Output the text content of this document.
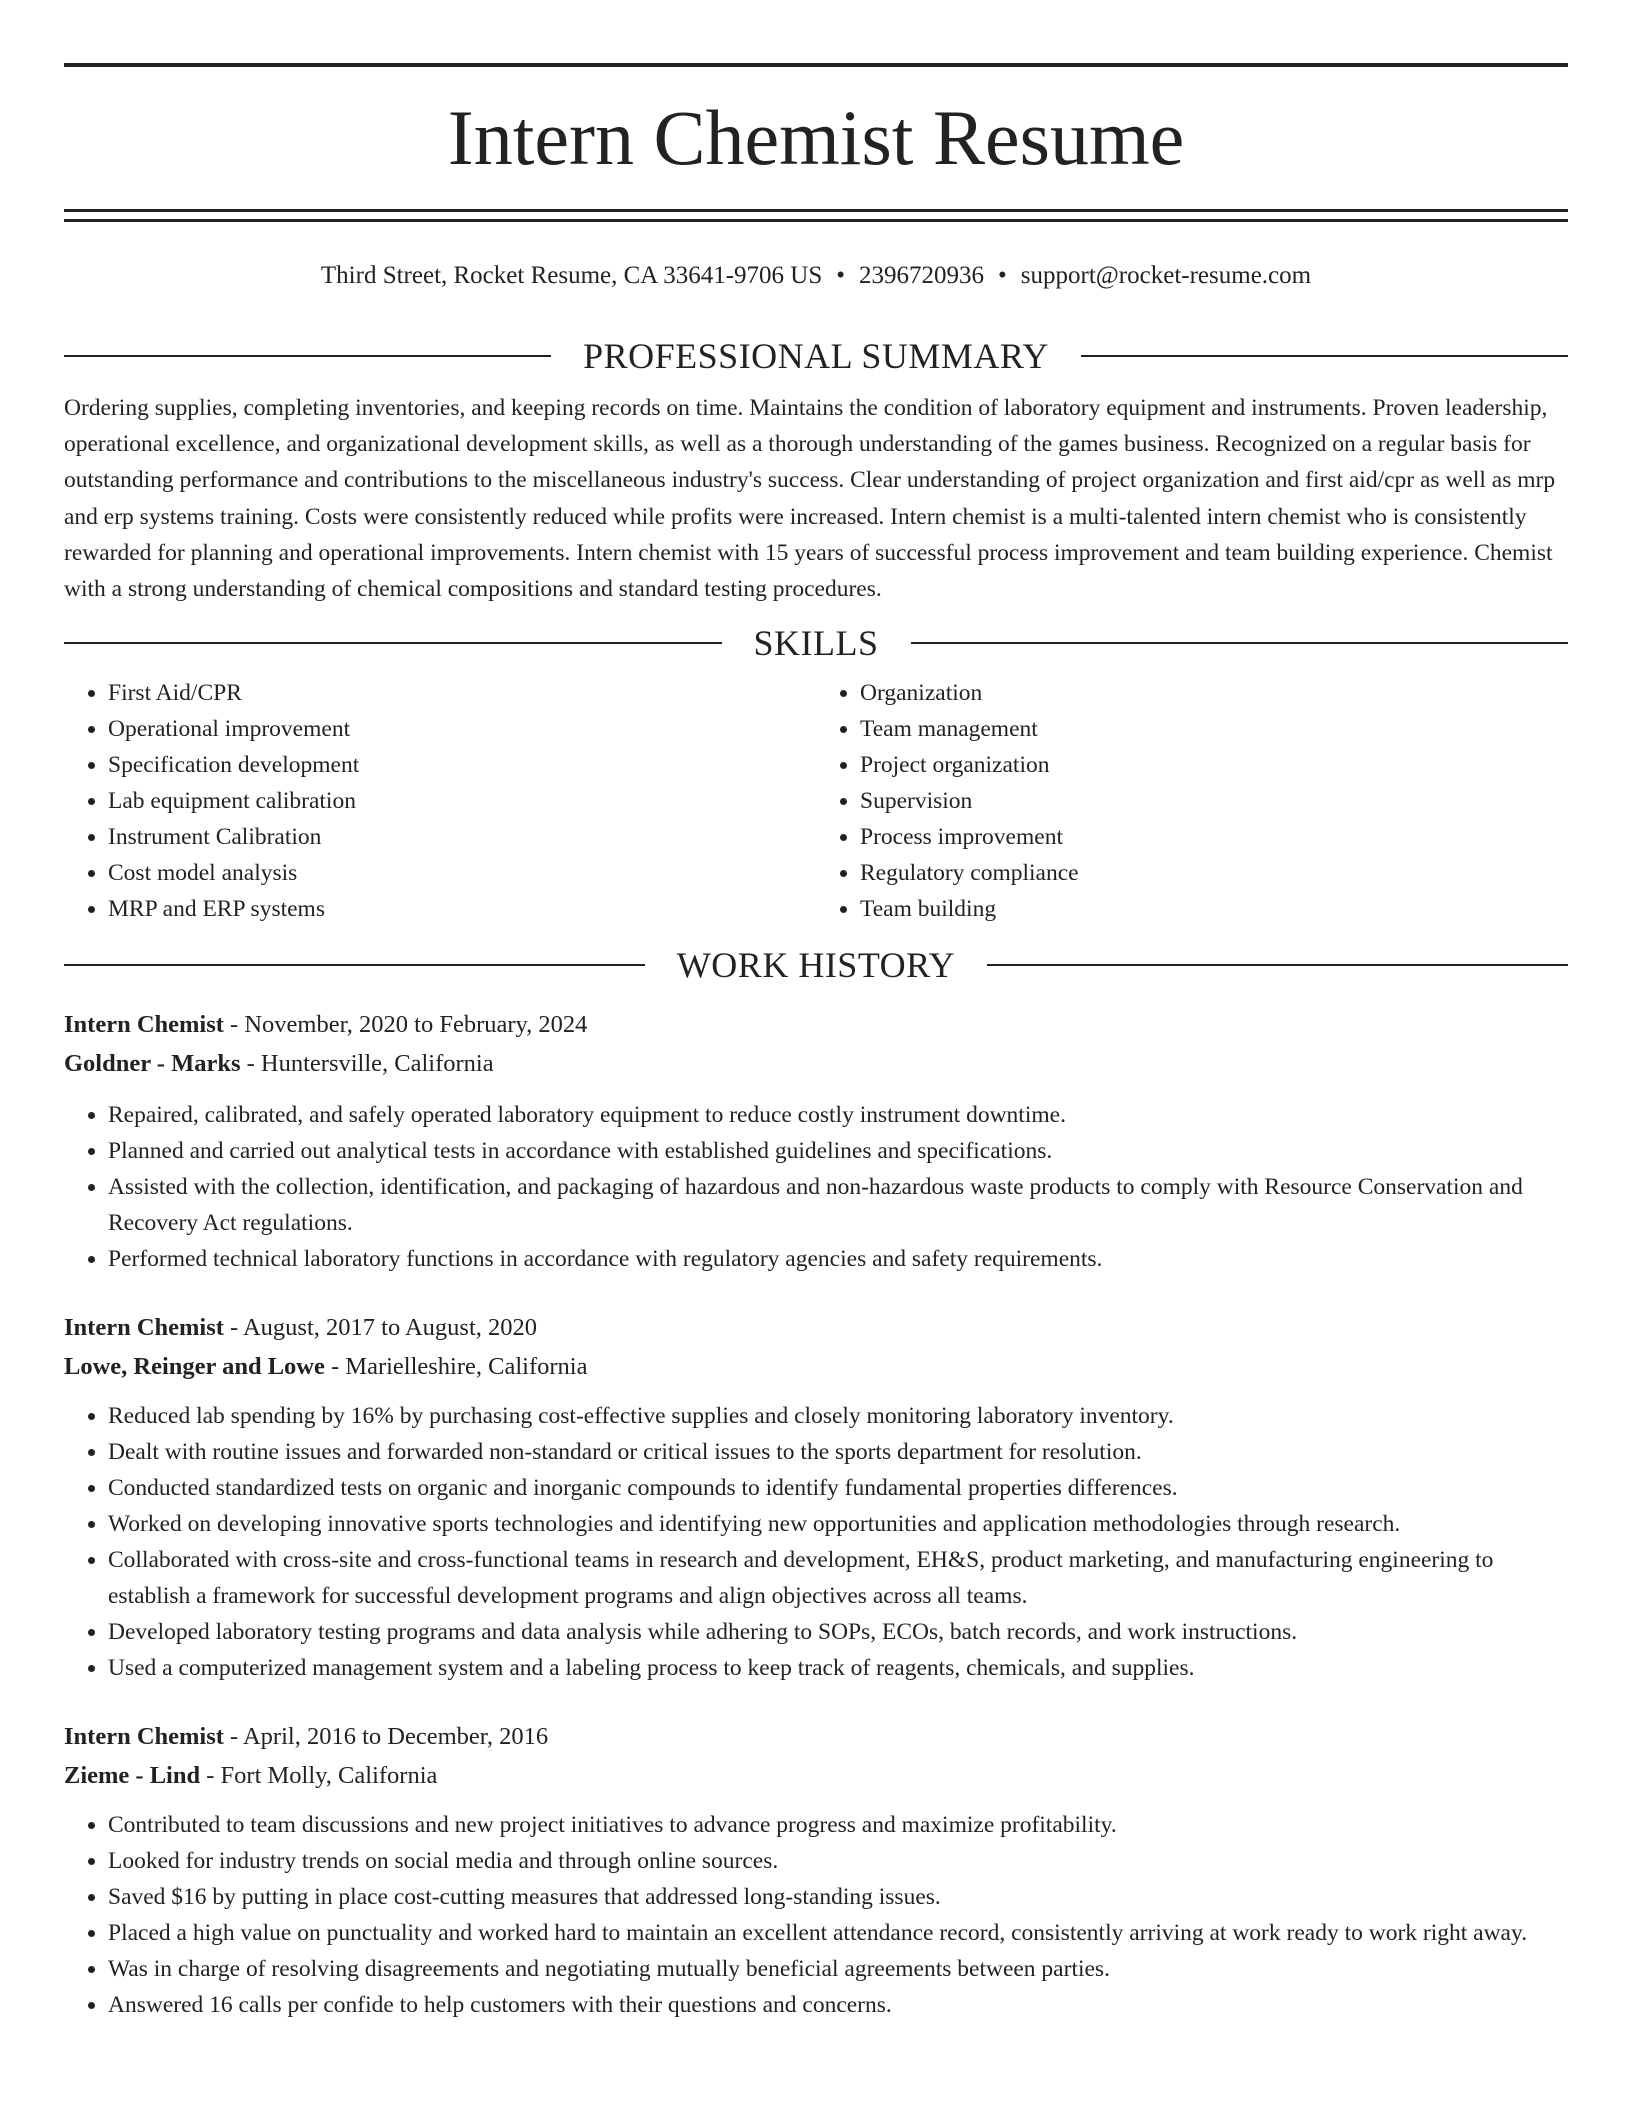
Intern Chemist Resume
Third Street, Rocket Resume, CA 33641-9706 US • 2396720936 • support@rocket-resume.com
PROFESSIONAL SUMMARY

Ordering supplies, completing inventories, and keeping records on time. Maintains the condition of laboratory equipment and instruments. Proven leadership, operational excellence, and organizational development skills, as well as a thorough understanding of the games business. Recognized on a regular basis for outstanding performance and contributions to the miscellaneous industry's success. Clear understanding of project organization and first aid/cpr as well as mrp and erp systems training. Costs were consistently reduced while profits were increased. Intern chemist is a multi-talented intern chemist who is consistently rewarded for planning and operational improvements. Intern chemist with 15 years of successful process improvement and team building experience. Chemist with a strong understanding of chemical compositions and standard testing procedures.

SKILLS
• First Aid/CPR
• Operational improvement
• Specification development
• Lab equipment calibration
• Instrument Calibration
• Cost model analysis
• MRP and ERP systems
• Organization
• Team management
• Project organization
• Supervision
• Process improvement
• Regulatory compliance
• Team building
WORK HISTORY
Intern Chemist - November, 2020 to February, 2024
Goldner - Marks - Huntersville, California
• Repaired, calibrated, and safely operated laboratory equipment to reduce costly instrument downtime.
• Planned and carried out analytical tests in accordance with established guidelines and specifications.
• Assisted with the collection, identification, and packaging of hazardous and non-hazardous waste products to comply with Resource Conservation and Recovery Act regulations.
• Performed technical laboratory functions in accordance with regulatory agencies and safety requirements.
Intern Chemist - August, 2017 to August, 2020
Lowe, Reinger and Lowe - Marielleshire, California
• Reduced lab spending by 16% by purchasing cost-effective supplies and closely monitoring laboratory inventory.
• Dealt with routine issues and forwarded non-standard or critical issues to the sports department for resolution.
• Conducted standardized tests on organic and inorganic compounds to identify fundamental properties differences.
• Worked on developing innovative sports technologies and identifying new opportunities and application methodologies through research.
• Collaborated with cross-site and cross-functional teams in research and development, EH&S, product marketing, and manufacturing engineering to establish a framework for successful development programs and align objectives across all teams.
• Developed laboratory testing programs and data analysis while adhering to SOPs, ECOs, batch records, and work instructions.
• Used a computerized management system and a labeling process to keep track of reagents, chemicals, and supplies.
Intern Chemist - April, 2016 to December, 2016
Zieme - Lind - Fort Molly, California
• Contributed to team discussions and new project initiatives to advance progress and maximize profitability.
• Looked for industry trends on social media and through online sources.
• Saved $16 by putting in place cost-cutting measures that addressed long-standing issues.
• Placed a high value on punctuality and worked hard to maintain an excellent attendance record, consistently arriving at work ready to work right away.
• Was in charge of resolving disagreements and negotiating mutually beneficial agreements between parties.
• Answered 16 calls per confide to help customers with their questions and concerns.
